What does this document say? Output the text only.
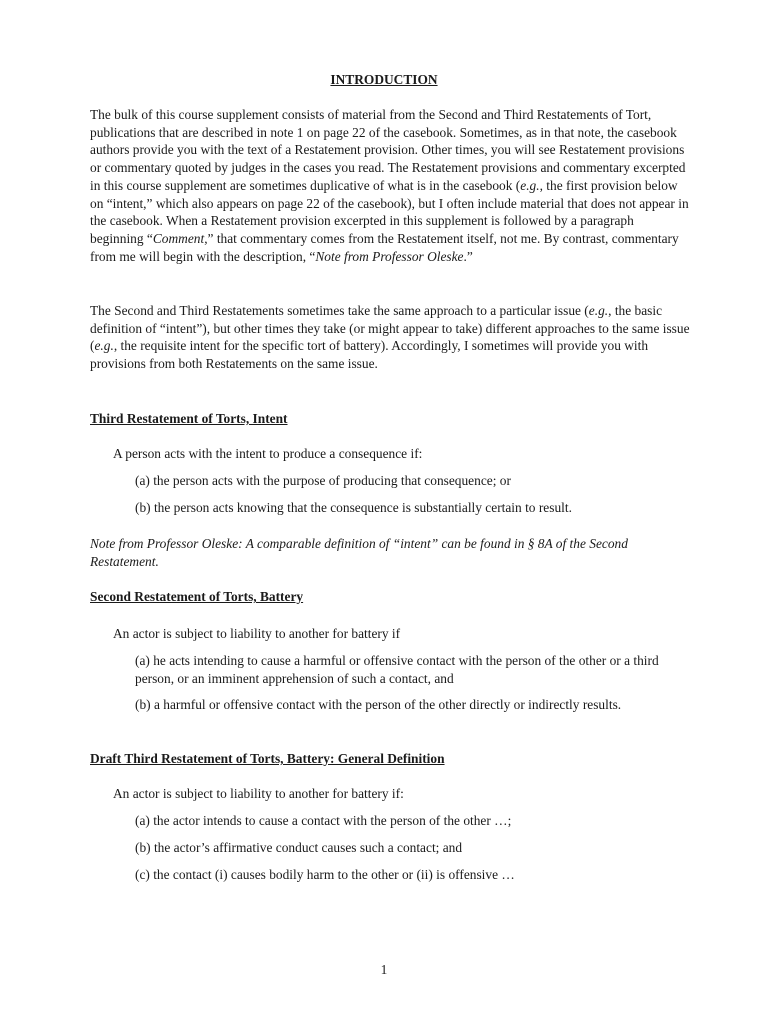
INTRODUCTION

The bulk of this course supplement consists of material from the Second and Third Restatements of Tort, publications that are described in note 1 on page 22 of the casebook. Sometimes, as in that note, the casebook authors provide you with the text of a Restatement provision. Other times, you will see Restatement provisions or commentary quoted by judges in the cases you read. The Restatement provisions and commentary excerpted in this course supplement are sometimes duplicative of what is in the casebook (e.g., the first provision below on “intent,” which also appears on page 22 of the casebook), but I often include material that does not appear in the casebook. When a Restatement provision excerpted in this supplement is followed by a paragraph beginning “Comment,” that commentary comes from the Restatement itself, not me. By contrast, commentary from me will begin with the description, “Note from Professor Oleske.”

The Second and Third Restatements sometimes take the same approach to a particular issue (e.g., the basic definition of “intent”), but other times they take (or might appear to take) different approaches to the same issue (e.g., the requisite intent for the specific tort of battery). Accordingly, I sometimes will provide you with provisions from both Restatements on the same issue.

Third Restatement of Torts, Intent

A person acts with the intent to produce a consequence if:

(a) the person acts with the purpose of producing that consequence; or

(b) the person acts knowing that the consequence is substantially certain to result.

Note from Professor Oleske: A comparable definition of “intent” can be found in § 8A of the Second Restatement.

Second Restatement of Torts, Battery

An actor is subject to liability to another for battery if

(a) he acts intending to cause a harmful or offensive contact with the person of the other or a third person, or an imminent apprehension of such a contact, and

(b) a harmful or offensive contact with the person of the other directly or indirectly results.

Draft Third Restatement of Torts, Battery: General Definition

An actor is subject to liability to another for battery if:

(a) the actor intends to cause a contact with the person of the other …;

(b) the actor’s affirmative conduct causes such a contact; and

(c) the contact (i) causes bodily harm to the other or (ii) is offensive …

1
